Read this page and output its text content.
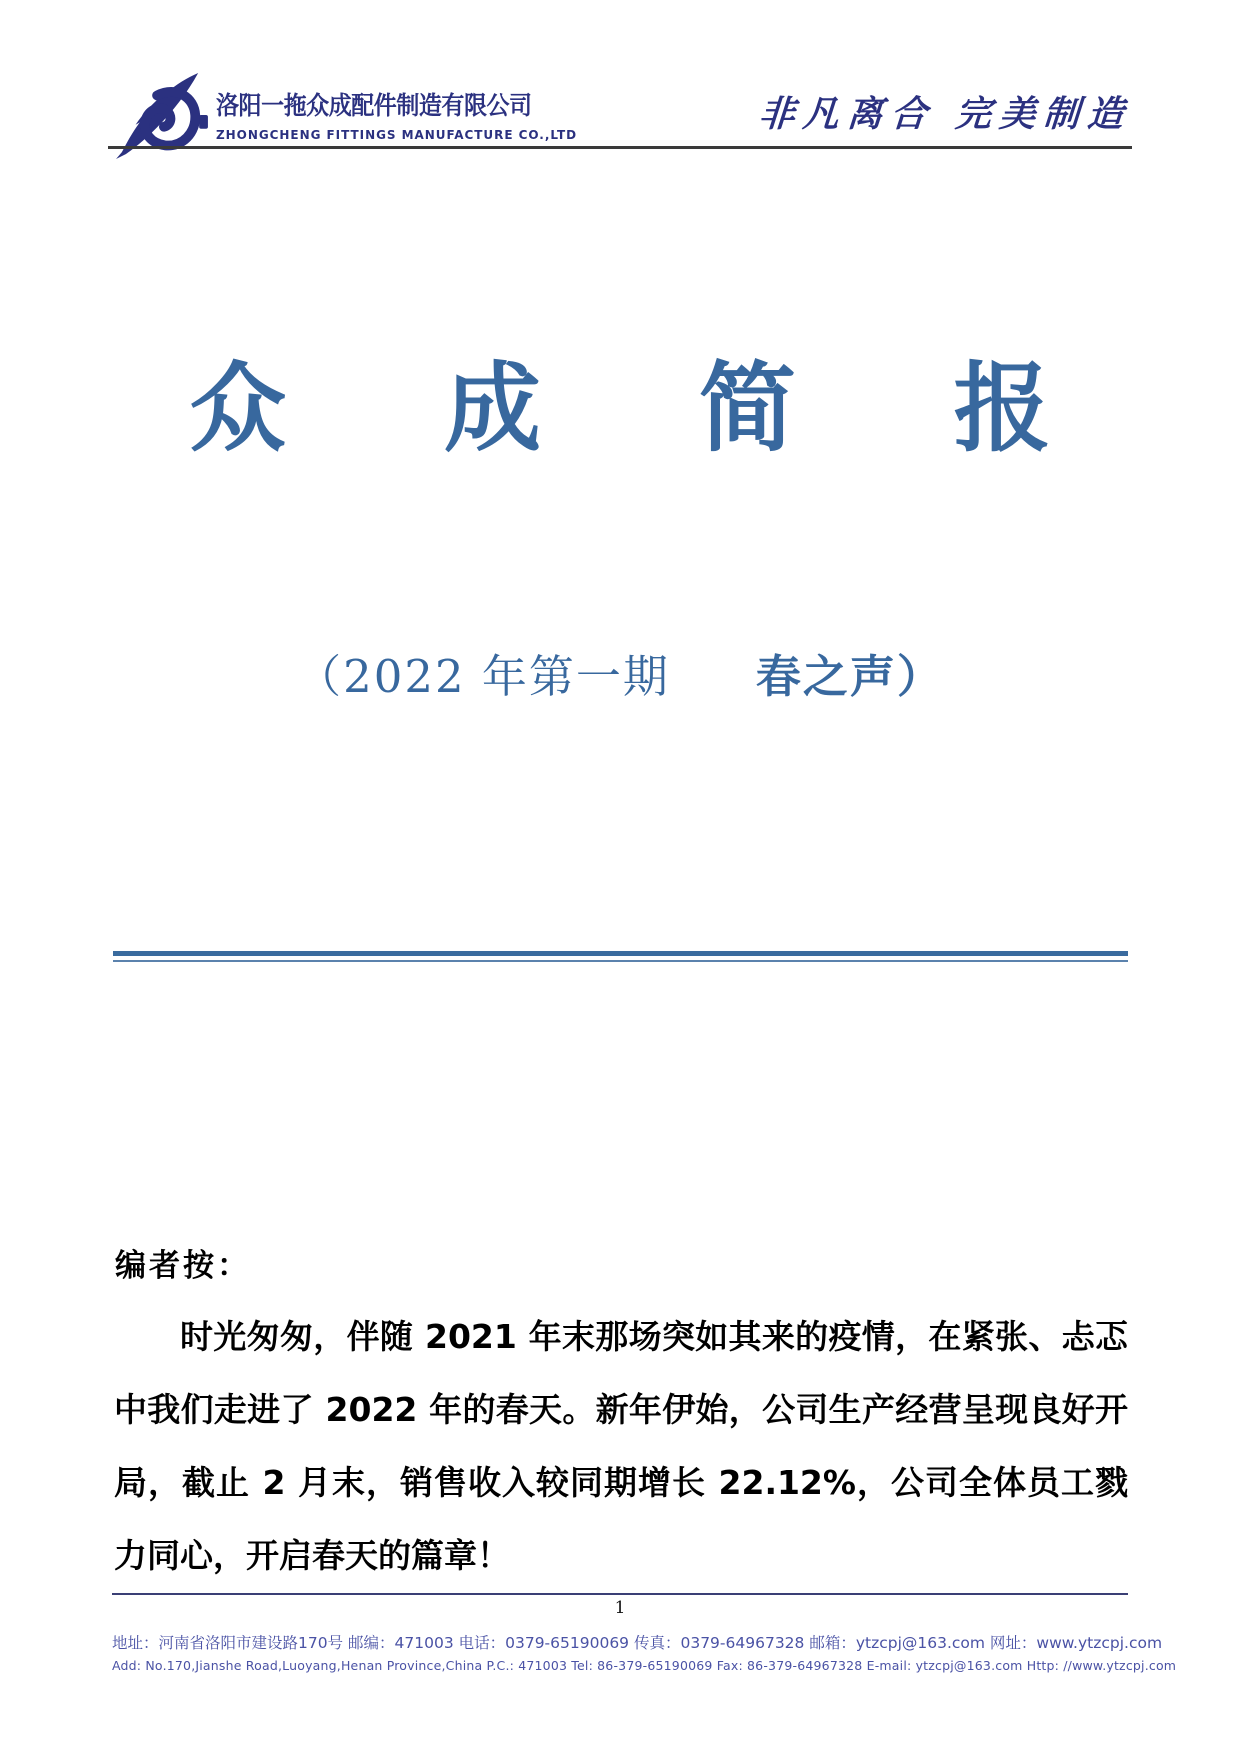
洛阳一拖众成配件制造有限公司
ZHONGCHENG FITTINGS MANUFACTURE CO.,LTD	非凡离合 完美制造
众 成 简 报
（2022 年第一期 春之声）
编者按：
时光匆匆，伴随 2021 年末那场突如其来的疫情，在紧张、忐忑中我们走进了 2022 年的春天。新年伊始，公司生产经营呈现良好开局，截止 2 月末，销售收入较同期增长 22.12%，公司全体员工戮力同心，开启春天的篇章！
1
地址：河南省洛阳市建设路170号 邮编：471003 电话：0379-65190069 传真：0379-64967328 邮箱：ytzcpj@163.com 网址：www.ytzcpj.com
Add: No.170,Jianshe Road,Luoyang,Henan Province,China P.C.: 471003 Tel: 86-379-65190069 Fax: 86-379-64967328 E-mail: ytzcpj@163.com Http: //www.ytzcpj.com
